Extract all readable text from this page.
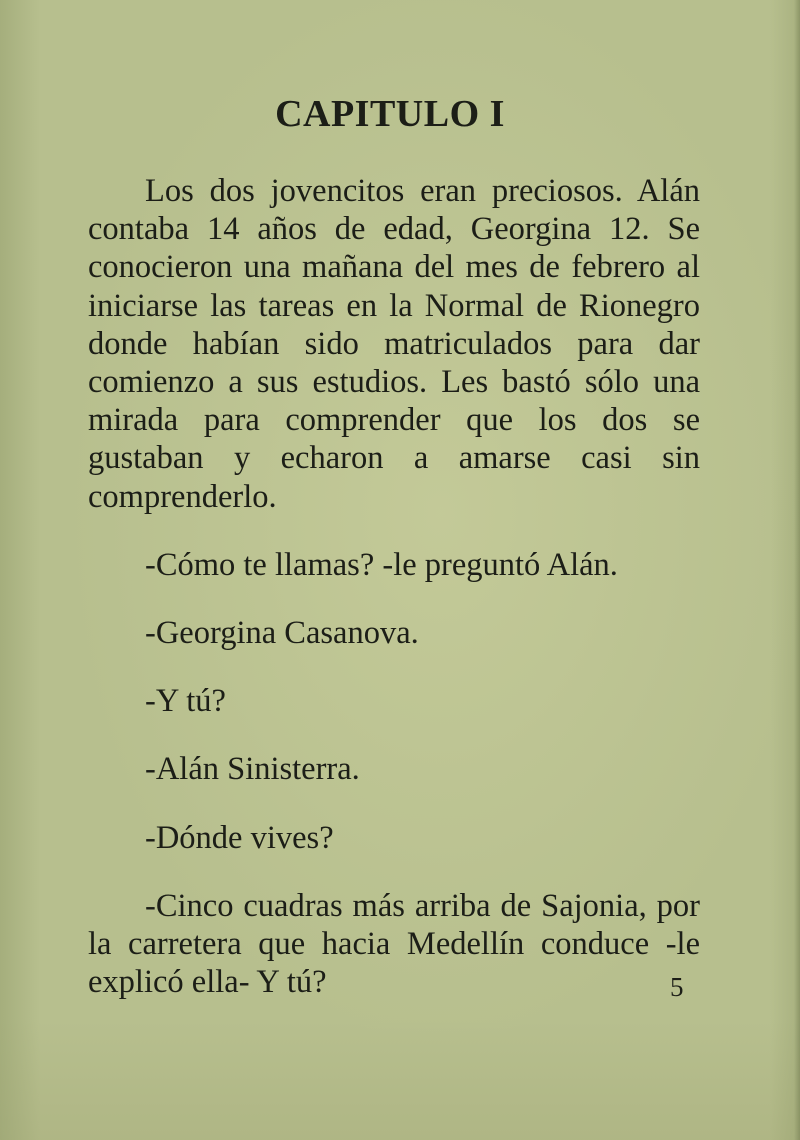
CAPITULO I

Los dos jovencitos eran preciosos. Alán contaba 14 años de edad, Georgina 12. Se conocieron una mañana del mes de febrero al iniciarse las tareas en la Normal de Rionegro donde habían sido matriculados para dar comienzo a sus estudios. Les bastó sólo una mirada para comprender que los dos se gustaban y echaron a amarse casi sin comprenderlo.

-Cómo te llamas? -le preguntó Alán.

-Georgina Casanova.

-Y tú?

-Alán Sinisterra.

-Dónde vives?

-Cinco cuadras más arriba de Sajonia, por la carretera que hacia Medellín conduce -le explicó ella- Y tú?	5
